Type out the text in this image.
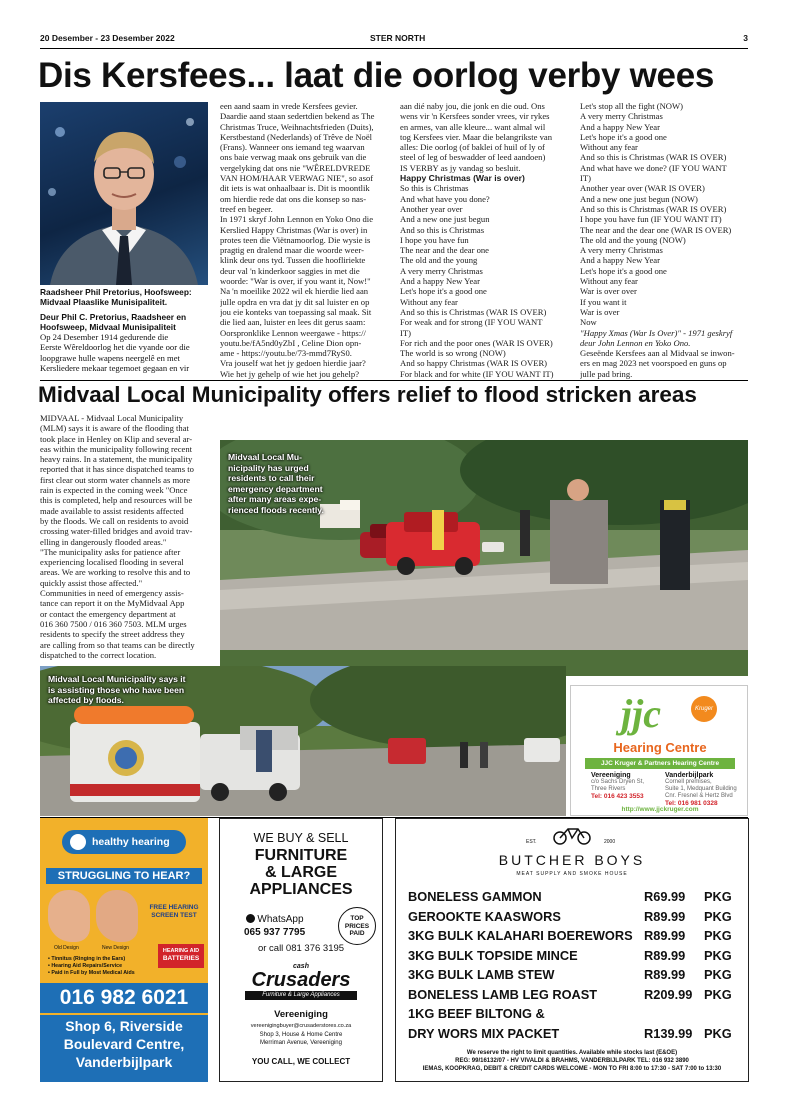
20 Desember - 23 Desember 2022	STER NORTH	3
Dis Kersfees... laat die oorlog verby wees
Raadsheer Phil Pretorius, Hoofsweep:
Midvaal Plaaslike Munisipaliteit.
Deur Phil C. Pretorius, Raadsheer en
Hoofsweep, Midvaal Munisipaliteit
Op 24 Desember 1914 gedurende die
Eerste Wêreldoorlog het die vyande oor die
loopgrawe hulle wapens neergelê en met
Kersliedere mekaar tegemoet gegaan en vir
een aand saam in vrede Kersfees gevier.
Daardie aand staan sedertdien bekend as The
Christmas Truce, Weihnachtsfrieden (Duits),
Kerstbestand (Nederlands) of Trêve de Noël
(Frans). Wanneer ons iemand teg waarvan
ons baie verwag maak ons gebruik van die
vergelyking dat ons nie "WÊRELDVREDE
VAN HOM/HAAR VERWAG NIE", so asof
dit iets is wat onhaalbaar is. Dit is moontlik
om hierdie rede dat ons die konsep so nas-
treef en begeer.
In 1971 skryf John Lennon en Yoko Ono die
Kerslied Happy Christmas (War is over) in
protes teen die Viëtnamoorlog. Die wysie is
pragtig en dralend maar die woorde weer-
klink deur ons tyd. Tussen die hoofliriekte
deur val 'n kinderkoor saggies in met die
woorde: "War is over, if you want it, Now!"
Na 'n moeilike 2022 wil ek hierdie lied aan
julle opdra en vra dat jy dit sal luister en op
jou eie konteks van toepassing sal maak. Sit
die lied aan, luister en lees dit gerus saam:
Oorspronklike Lennon weergawe - https://
youtu.be/fA5nd0yZbI , Celine Dion opn-
ame - https://youtu.be/73-mmd7RyS0.
Vra jouself wat het jy gedoen hierdie jaar?
Wie het jy gehelp of wie het jou gehelp?
aan dié naby jou, die jonk en die oud. Ons
wens vir 'n Kersfees sonder vrees, vir rykes
en armes, van alle kleure... want almal wil
tog Kersfees vier. Maar die belangrikste van
alles: Die oorlog (of baklei of huil of ly of
steel of leg of beswadder of leed aandoen)
IS VERBY as jy vandag so besluit.
Happy Christmas (War is over)
So this is Christmas
And what have you done?
Another year over
And a new one just begun
And so this is Christmas
I hope you have fun
The near and the dear one
The old and the young
A very merry Christmas
And a happy New Year
Let's hope it's a good one
Without any fear
And so this is Christmas (WAR IS OVER)
For weak and for strong (IF YOU WANT
IT)
For rich and the poor ones (WAR IS OVER)
The world is so wrong (NOW)
And so happy Christmas (WAR IS OVER)
For black and for white (IF YOU WANT IT)
Let's stop all the fight (NOW)
A very merry Christmas
And a happy New Year
Let's hope it's a good one
Without any fear
And so this is Christmas (WAR IS OVER)
And what have we done? (IF YOU WANT
IT)
Another year over (WAR IS OVER)
And a new one just begun (NOW)
And so this is Christmas (WAR IS OVER)
I hope you have fun (IF YOU WANT IT)
The near and the dear one (WAR IS OVER)
The old and the young (NOW)
A very merry Christmas
And a happy New Year
Let's hope it's a good one
Without any fear
War is over over
If you want it
War is over
Now
"Happy Xmas (War Is Over)" - 1971 geskryf
deur John Lennon en Yoko Ono.
Geseënde Kersfees aan al Midvaal se inwon-
ers en mag 2023 net voorspoed en guns op
julle pad bring.
Midvaal Local Municipality offers relief to flood stricken areas
MIDVAAL - Midvaal Local Municipality
(MLM) says it is aware of the flooding that
took place in Henley on Klip and several ar-
eas within the municipality following recent
heavy rains. In a statement, the municipality
reported that it has since dispatched teams to
first clear out storm water channels as more
rain is expected in the coming week "Once
this is completed, help and resources will be
made available to assist residents affected
by the floods. We call on residents to avoid
crossing water-filled bridges and avoid trav-
elling in dangerously flooded areas."
"The municipality asks for patience after
experiencing localised flooding in several
areas. We are working to resolve this and to
quickly assist those affected."
Communities in need of emergency assis-
tance can report it on the MyMidvaal App
or contact the emergency department at
016 360 7500 / 016 360 7503. MLM urges
residents to specify the street address they
are calling from so that teams can be directly
dispatched to the correct location.
Midvaal Local Mu-
nicipality has urged
residents to call their
emergency department
after many areas expe-
rienced floods recently.
Midvaal Local Municipality says it
is assisting those who have been
affected by floods.	jjc	Kruger
Hearing Centre
JJC Kruger & Partners Hearing Centre
Vereeniging
c/o Sachs Dryen St,
Three Rivers
Tel: 016 423 3553
Vanderbijlpark
Cornell premises,
Suite 1, Medquant Building
Cnr. Fresnel & Hertz Blvd
Tel: 016 981 0328
http://www.jjckruger.com
healthy hearing
STRUGGLING TO HEAR?
FREE HEARING
SCREEN TEST
Old Design	New Design	HEARING AID
BATTERIES
• Tinnitus (Ringing in the Ears)
• Hearing Aid Repairs/Service
• Paid in Full by Most Medical Aids
016 982 6021
Shop 6, Riverside
Boulevard Centre,
Vanderbijlpark
WE BUY & SELL
FURNITURE
& LARGE
APPLIANCES
WhatsApp
065 937 7795
TOP
PRICES
PAID
or call 081 376 3195
cash
Crusaders
Furniture & Large Appliances
Vereeniging
vereenigingbuyer@crusaderstores.co.za
Shop 3, House & Home Centre
Merriman Avenue, Vereeniging
YOU CALL, WE COLLECT
EST.	2000
BUTCHER BOYS
MEAT SUPPLY AND SMOKE HOUSE
BONELESS GAMMON	R69.99 PKG
GEROOKTE KAASWORS	R89.99 PKG
3KG BULK KALAHARI BOEREWORS R89.99 PKG
3KG BULK TOPSIDE MINCE	R89.99 PKG
3KG BULK LAMB STEW	R89.99 PKG
BONELESS LAMB LEG ROAST	R209.99 PKG
1KG BEEF BILTONG &
DRY WORS MIX PACKET	R139.99 PKG
We reserve the right to limit quantities. Available while stocks last (E&OE)
REG: 99/16132/07 - HV VIVALDI & BRAHMS, VANDERBIJLPARK TEL: 016 932 3890
IEMAS, KOOPKRAG, DEBIT & CREDIT CARDS WELCOME - MON TO FRI 8:00 to 17:30 - SAT 7:00 to 13:30
